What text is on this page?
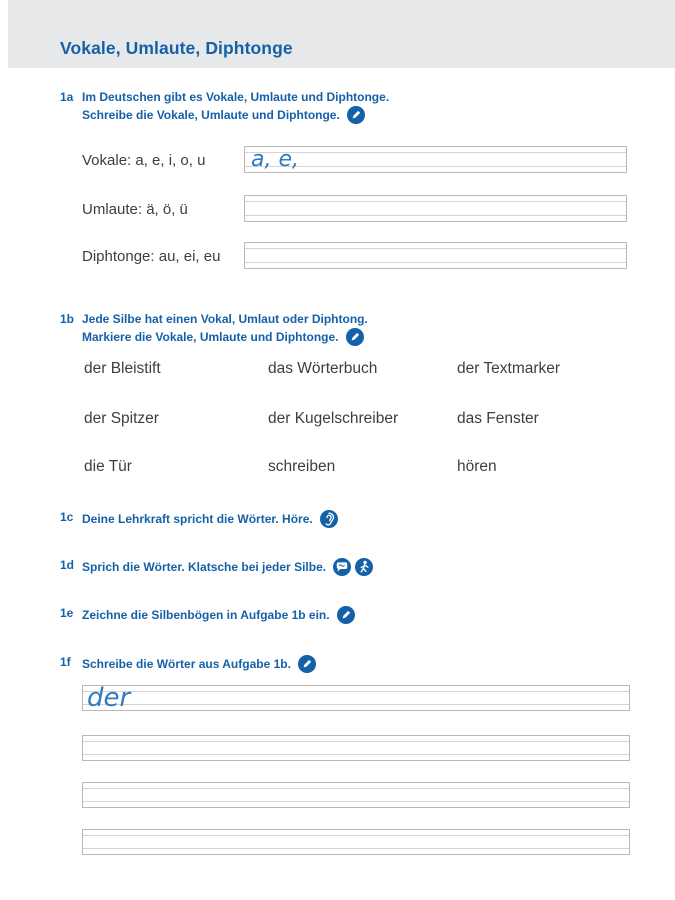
Vokale, Umlaute, Diphtonge
1a Im Deutschen gibt es Vokale, Umlaute und Diphtonge.
Schreibe die Vokale, Umlaute und Diphtonge.
Vokale: a, e, i, o, u a, e,
Umlaute: ä, ö, ü
Diphtonge: au, ei, eu
1b Jede Silbe hat einen Vokal, Umlaut oder Diphtong.
Markiere die Vokale, Umlaute und Diphtonge.
der Bleistift	das Wörterbuch	der Textmarker
der Spitzer	der Kugelschreiber	das Fenster
die Tür	schreiben	hören
1c Deine Lehrkraft spricht die Wörter. Höre.
1d Sprich die Wörter. Klatsche bei jeder Silbe.
1e Zeichne die Silbenbögen in Aufgabe 1b ein.
1f Schreibe die Wörter aus Aufgabe 1b.
der
